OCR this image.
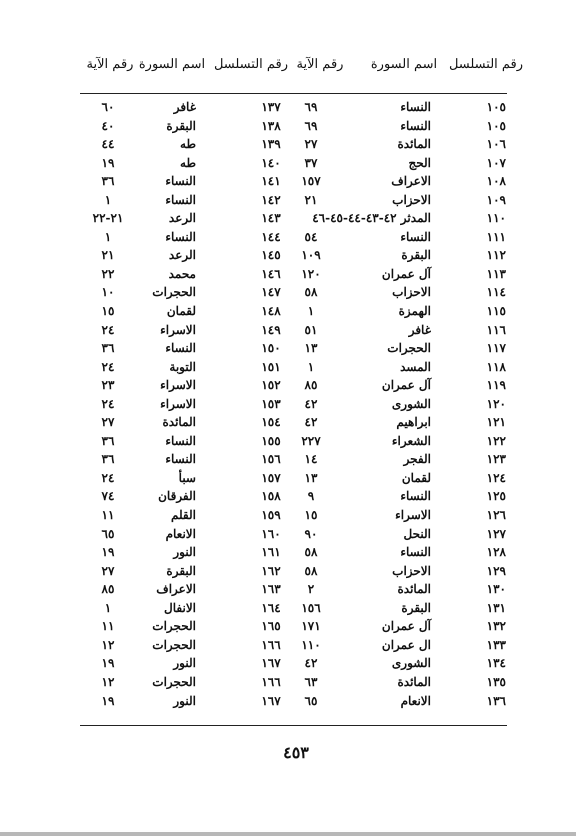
رقم التسلسل
اسم السورة
رقم الآية
رقم التسلسل
اسم السورة
رقم الآية
١٠٥
النساء
٦٩
١٣٧
غافر
٦٠
١٠٥
النساء
٦٩
١٣٨
البقرة
٤٠
١٠٦
المائدة
٢٧
١٣٩
طه
٤٤
١٠٧
الحج
٣٧
١٤٠
طه
١٩
١٠٨
الاعراف
١٥٧
١٤١
النساء
٣٦
١٠٩
الاحزاب
٢١
١٤٢
النساء
١
١١٠
المدثر ٤٢-٤٣-٤٤-٤٥-٤٦
١٤٣
الرعد
٢١-٢٢
١١١
النساء
٥٤
١٤٤
النساء
١
١١٢
البقرة
١٠٩
١٤٥
الرعد
٢١
١١٣
آل عمران
١٢٠
١٤٦
محمد
٢٢
١١٤
الاحزاب
٥٨
١٤٧
الحجرات
١٠
١١٥
الهمزة
١
١٤٨
لقمان
١٥
١١٦
غافر
٥١
١٤٩
الاسراء
٢٤
١١٧
الحجرات
١٣
١٥٠
النساء
٣٦
١١٨
المسد
١
١٥١
التوبة
٢٤
١١٩
آل عمران
٨٥
١٥٢
الاسراء
٢٣
١٢٠
الشورى
٤٢
١٥٣
الاسراء
٢٤
١٢١
ابراهيم
٤٢
١٥٤
المائدة
٢٧
١٢٢
الشعراء
٢٢٧
١٥٥
النساء
٣٦
١٢٣
الفجر
١٤
١٥٦
النساء
٣٦
١٢٤
لقمان
١٣
١٥٧
سبأ
٢٤
١٢٥
النساء
٩
١٥٨
الفرقان
٧٤
١٢٦
الاسراء
١٥
١٥٩
القلم
١١
١٢٧
النحل
٩٠
١٦٠
الانعام
٦٥
١٢٨
النساء
٥٨
١٦١
النور
١٩
١٢٩
الاحزاب
٥٨
١٦٢
البقرة
٢٧
١٣٠
المائدة
٢
١٦٣
الاعراف
٨٥
١٣١
البقرة
١٥٦
١٦٤
الانفال
١
١٣٢
آل عمران
١٧١
١٦٥
الحجرات
١١
١٣٣
ال عمران
١١٠
١٦٦
الحجرات
١٢
١٣٤
الشورى
٤٢
١٦٧
النور
١٩
١٣٥
المائدة
٦٣
١٦٦
الحجرات
١٢
١٣٦
الانعام
٦٥
١٦٧
النور
١٩
٤٥٣
